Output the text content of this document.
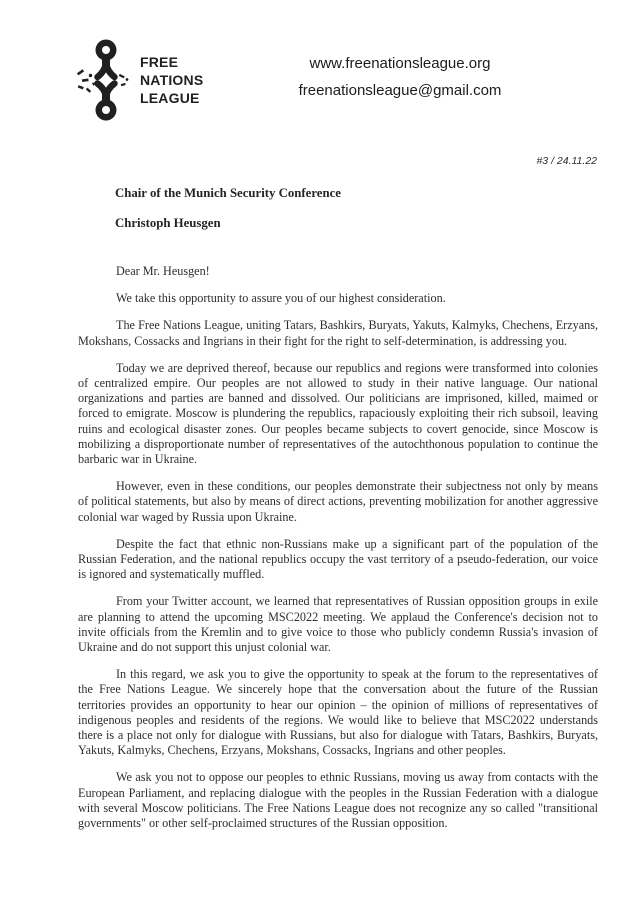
FREE
NATIONS
LEAGUE
www.freenationsleague.org
freenationsleague@gmail.com
#3 / 24.11.22

Chair of the Munich Security Conference

Christoph Heusgen

Dear Mr. Heusgen!

We take this opportunity to assure you of our highest consideration.

The Free Nations League, uniting Tatars, Bashkirs, Buryats, Yakuts, Kalmyks, Chechens, Erzyans, Mokshans, Cossacks and Ingrians in their fight for the right to self-determination, is addressing you.

Today we are deprived thereof, because our republics and regions were transformed into colonies of centralized empire. Our peoples are not allowed to study in their native language. Our national organizations and parties are banned and dissolved. Our politicians are imprisoned, killed, maimed or forced to emigrate. Moscow is plundering the republics, rapaciously exploiting their rich subsoil, leaving ruins and ecological disaster zones. Our peoples became subjects to covert genocide, since Moscow is mobilizing a disproportionate number of representatives of the autochthonous population to continue the barbaric war in Ukraine.

However, even in these conditions, our peoples demonstrate their subjectness not only by means of political statements, but also by means of direct actions, preventing mobilization for another aggressive colonial war waged by Russia upon Ukraine.

Despite the fact that ethnic non-Russians make up a significant part of the population of the Russian Federation, and the national republics occupy the vast territory of a pseudo-federation, our voice is ignored and systematically muffled.

From your Twitter account, we learned that representatives of Russian opposition groups in exile are planning to attend the upcoming MSC2022 meeting. We applaud the Conference's decision not to invite officials from the Kremlin and to give voice to those who publicly condemn Russia's invasion of Ukraine and do not support this unjust colonial war.

In this regard, we ask you to give the opportunity to speak at the forum to the representatives of the Free Nations League. We sincerely hope that the conversation about the future of the Russian territories provides an opportunity to hear our opinion – the opinion of millions of representatives of indigenous peoples and residents of the regions. We would like to believe that MSC2022 understands there is a place not only for dialogue with Russians, but also for dialogue with Tatars, Bashkirs, Buryats, Yakuts, Kalmyks, Chechens, Erzyans, Mokshans, Cossacks, Ingrians and other peoples.

We ask you not to oppose our peoples to ethnic Russians, moving us away from contacts with the European Parliament, and replacing dialogue with the peoples in the Russian Federation with a dialogue with several Moscow politicians. The Free Nations League does not recognize any so called "transitional governments" or other self-proclaimed structures of the Russian opposition.
